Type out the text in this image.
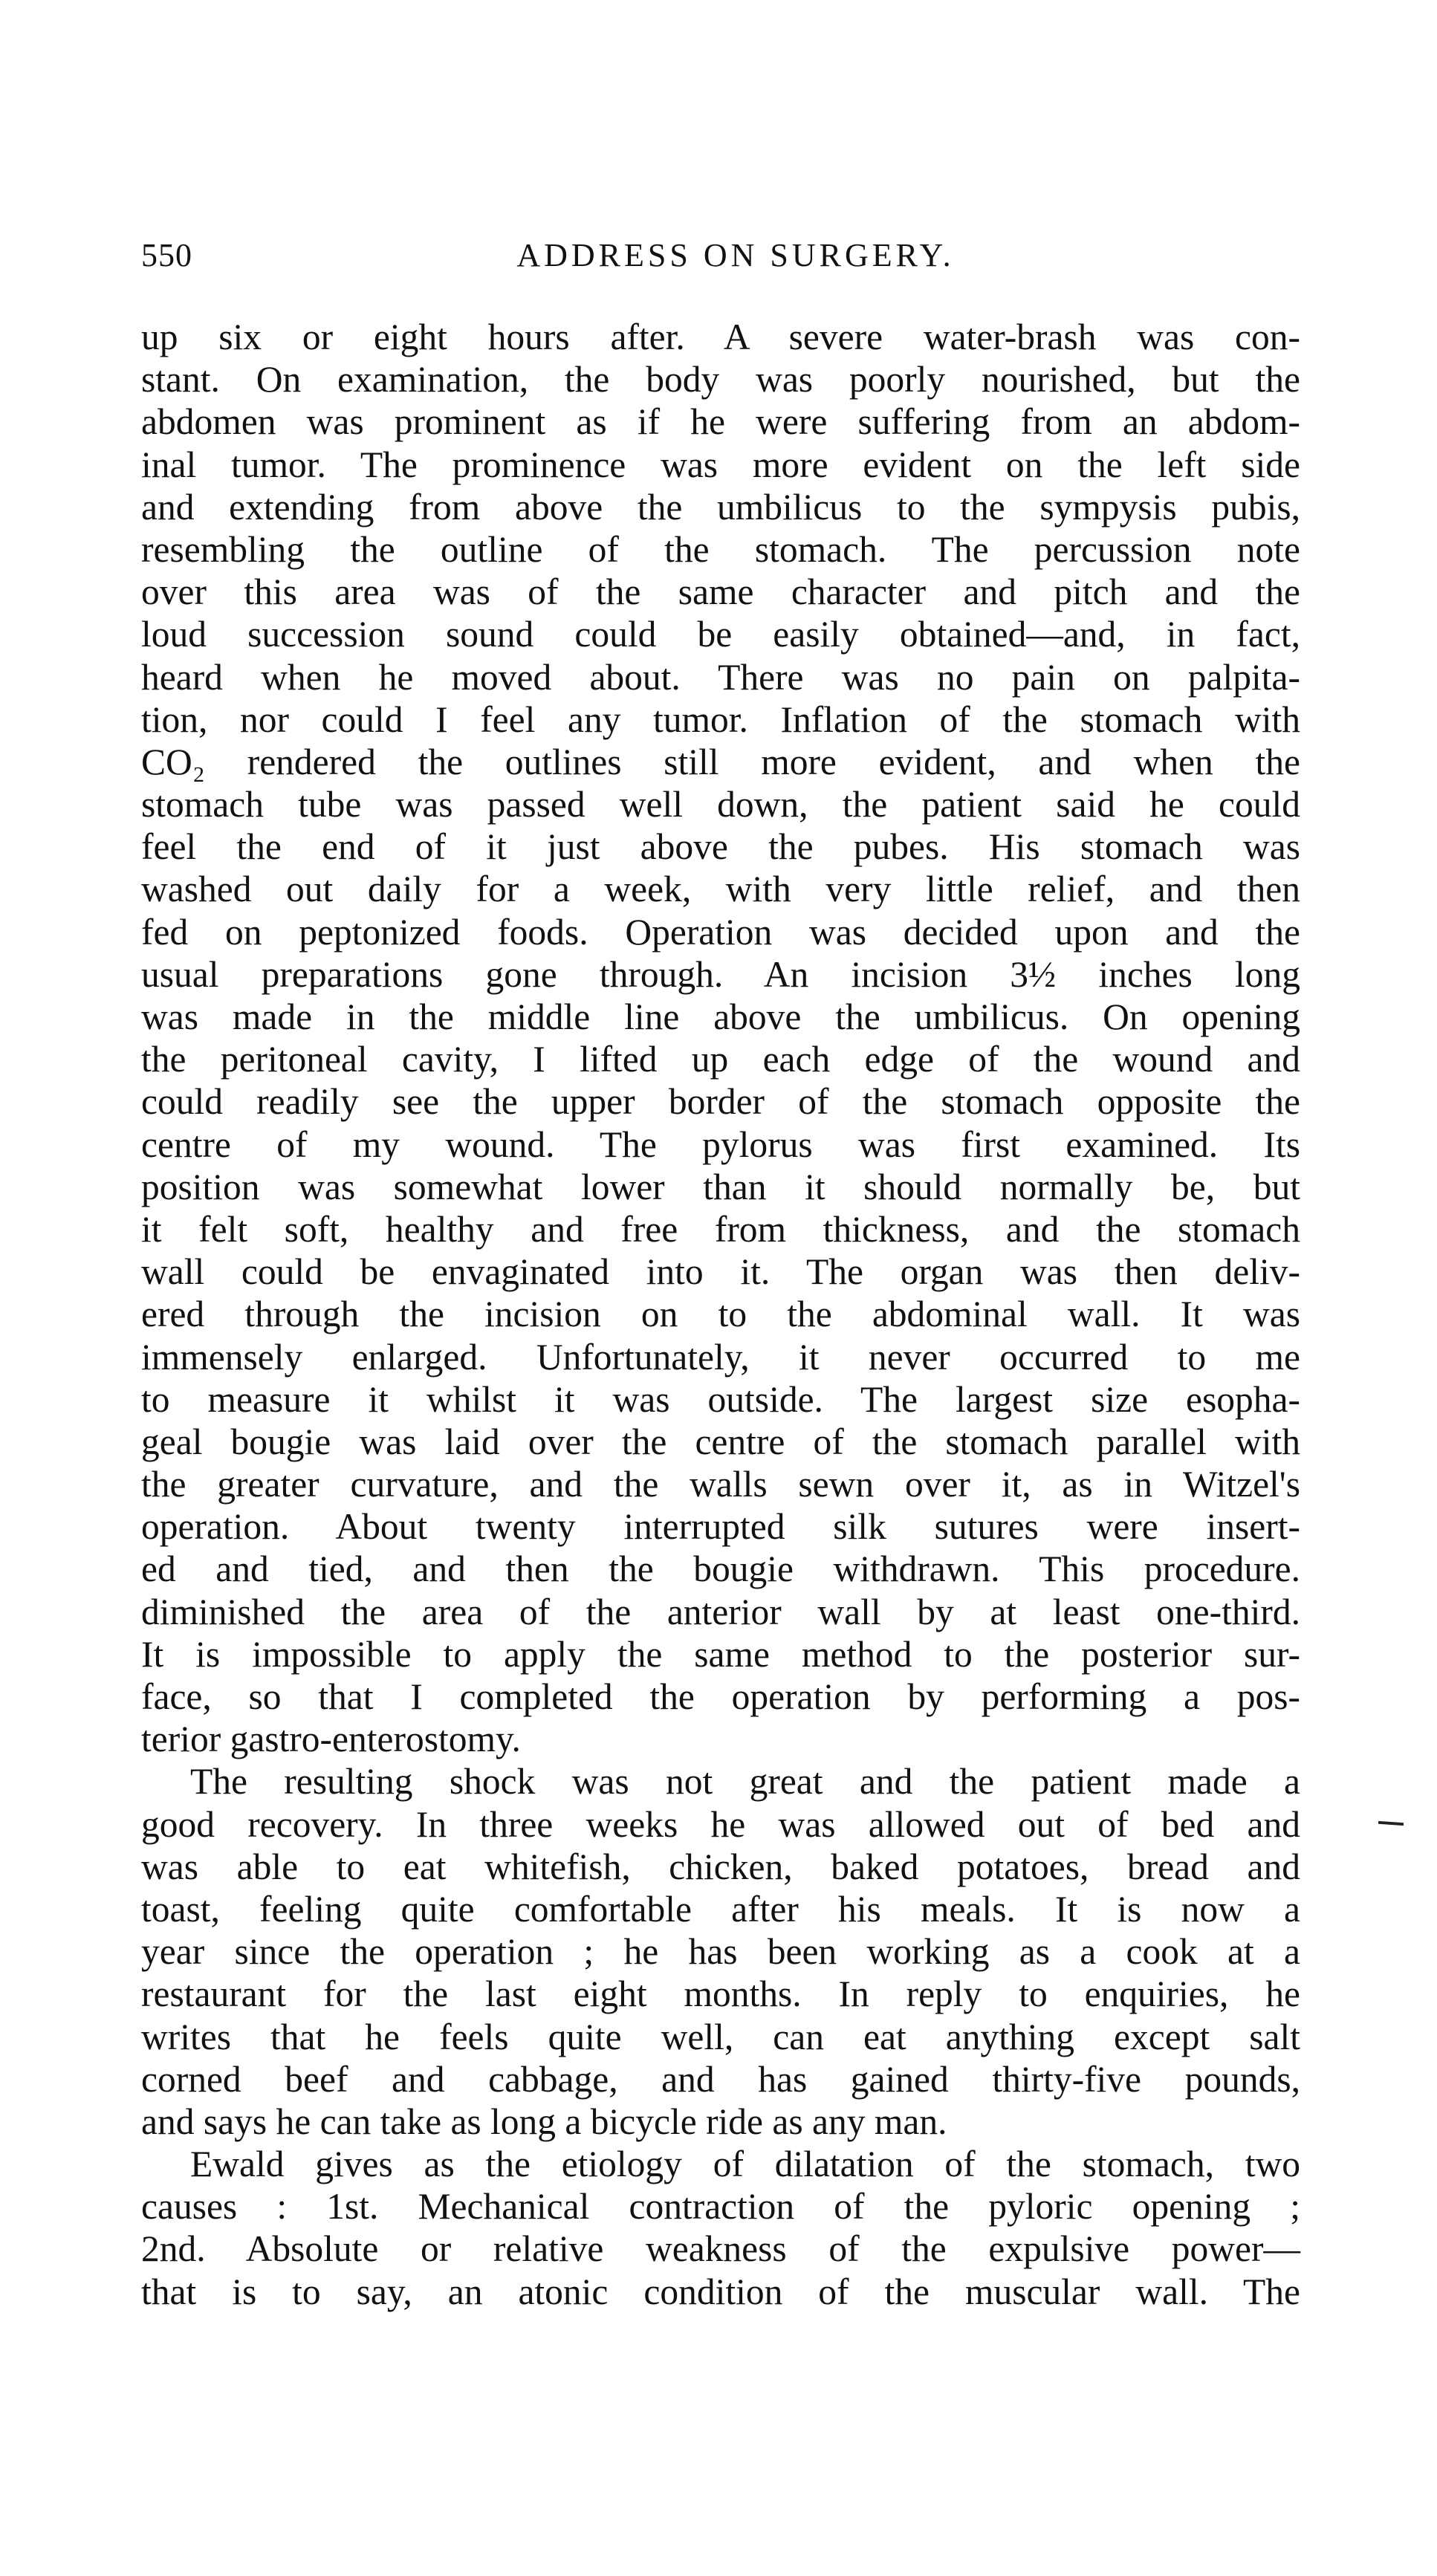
550	ADDRESS ON SURGERY.
up six or eight hours after. A severe water-brash was con-
stant. On examination, the body was poorly nourished, but the
abdomen was prominent as if he were suffering from an abdom-
inal tumor. The prominence was more evident on the left side
and extending from above the umbilicus to the sympysis pubis,
resembling the outline of the stomach. The percussion note
over this area was of the same character and pitch and the
loud succession sound could be easily obtained—and, in fact,
heard when he moved about. There was no pain on palpita-
tion, nor could I feel any tumor. Inflation of the stomach with
CO₂ rendered the outlines still more evident, and when the
stomach tube was passed well down, the patient said he could
feel the end of it just above the pubes. His stomach was
washed out daily for a week, with very little relief, and then
fed on peptonized foods. Operation was decided upon and the
usual preparations gone through. An incision 3½ inches long
was made in the middle line above the umbilicus. On opening
the peritoneal cavity, I lifted up each edge of the wound and
could readily see the upper border of the stomach opposite the
centre of my wound. The pylorus was first examined. Its
position was somewhat lower than it should normally be, but
it felt soft, healthy and free from thickness, and the stomach
wall could be envaginated into it. The organ was then deliv-
ered through the incision on to the abdominal wall. It was
immensely enlarged. Unfortunately, it never occurred to me
to measure it whilst it was outside. The largest size esopha-
geal bougie was laid over the centre of the stomach parallel with
the greater curvature, and the walls sewn over it, as in Witzel's
operation. About twenty interrupted silk sutures were insert-
ed and tied, and then the bougie withdrawn. This procedure.
diminished the area of the anterior wall by at least one-third.
It is impossible to apply the same method to the posterior sur-
face, so that I completed the operation by performing a pos-
terior gastro-enterostomy.
The resulting shock was not great and the patient made a
good recovery. In three weeks he was allowed out of bed and
was able to eat whitefish, chicken, baked potatoes, bread and
toast, feeling quite comfortable after his meals. It is now a
year since the operation ; he has been working as a cook at a
restaurant for the last eight months. In reply to enquiries, he
writes that he feels quite well, can eat anything except salt
corned beef and cabbage, and has gained thirty-five pounds,
and says he can take as long a bicycle ride as any man.
Ewald gives as the etiology of dilatation of the stomach, two
causes : 1st. Mechanical contraction of the pyloric opening ;
2nd. Absolute or relative weakness of the expulsive power—
that is to say, an atonic condition of the muscular wall. The
